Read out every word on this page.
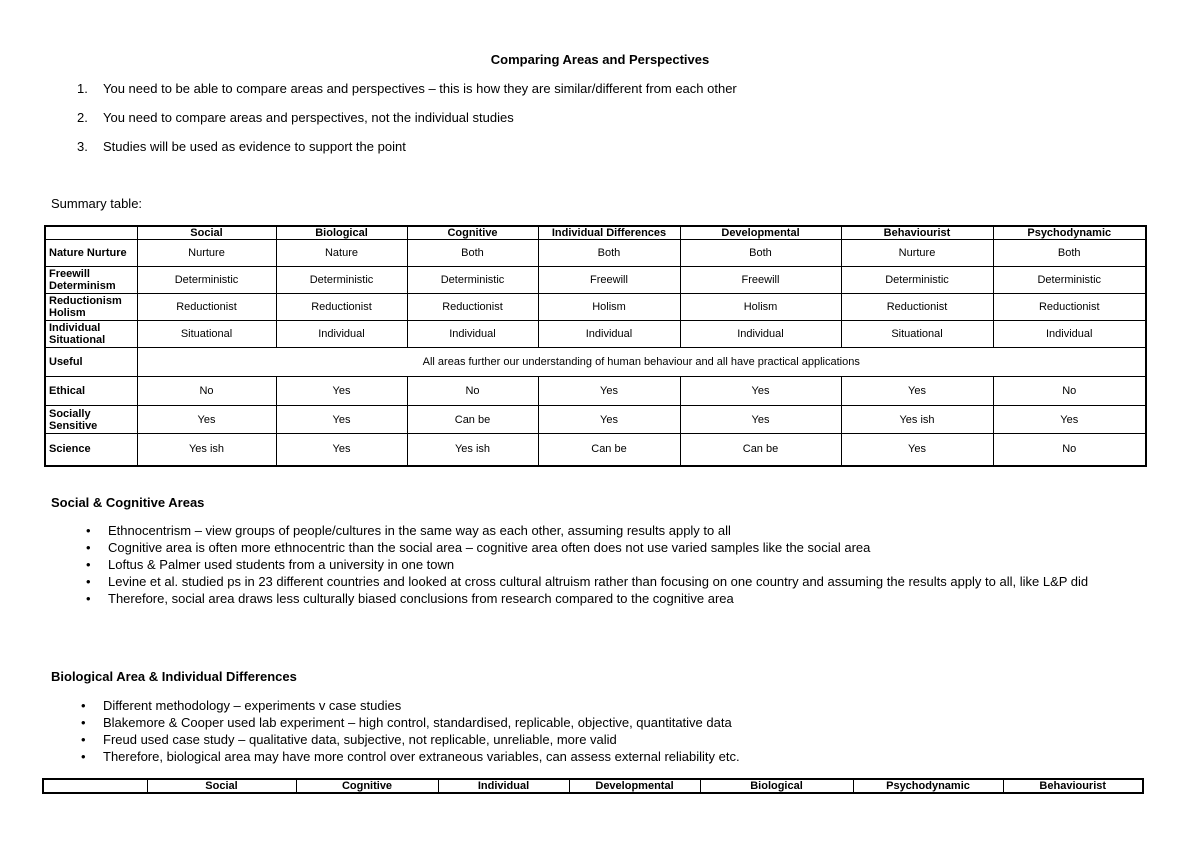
Comparing Areas and Perspectives
1. You need to be able to compare areas and perspectives – this is how they are similar/different from each other
2. You need to compare areas and perspectives, not the individual studies
3. Studies will be used as evidence to support the point
Summary table:
	Social	Biological	Cognitive	Individual Differences	Developmental	Behaviourist	Psychodynamic
Nature Nurture	Nurture	Nature	Both	Both	Both	Nurture	Both
Freewill Determinism	Deterministic	Deterministic	Deterministic	Freewill	Freewill	Deterministic	Deterministic
Reductionism Holism	Reductionist	Reductionist	Reductionist	Holism	Holism	Reductionist	Reductionist
Individual Situational	Situational	Individual	Individual	Individual	Individual	Situational	Individual
Useful	All areas further our understanding of human behaviour and all have practical applications						
Ethical	No	Yes	No	Yes	Yes	Yes	No
Socially Sensitive	Yes	Yes	Can be	Yes	Yes	Yes ish	Yes
Science	Yes ish	Yes	Yes ish	Can be	Can be	Yes	No
Social & Cognitive Areas
• Ethnocentrism – view groups of people/cultures in the same way as each other, assuming results apply to all
• Cognitive area is often more ethnocentric than the social area – cognitive area often does not use varied samples like the social area
• Loftus & Palmer used students from a university in one town
• Levine et al. studied ps in 23 different countries and looked at cross cultural altruism rather than focusing on one country and assuming the results apply to all, like L&P did
• Therefore, social area draws less culturally biased conclusions from research compared to the cognitive area
Biological Area & Individual Differences
• Different methodology – experiments v case studies
• Blakemore & Cooper used lab experiment – high control, standardised, replicable, objective, quantitative data
• Freud used case study – qualitative data, subjective, not replicable, unreliable, more valid
• Therefore, biological area may have more control over extraneous variables, can assess external reliability etc.
	Social	Cognitive	Individual	Developmental	Biological	Psychodynamic	Behaviourist
